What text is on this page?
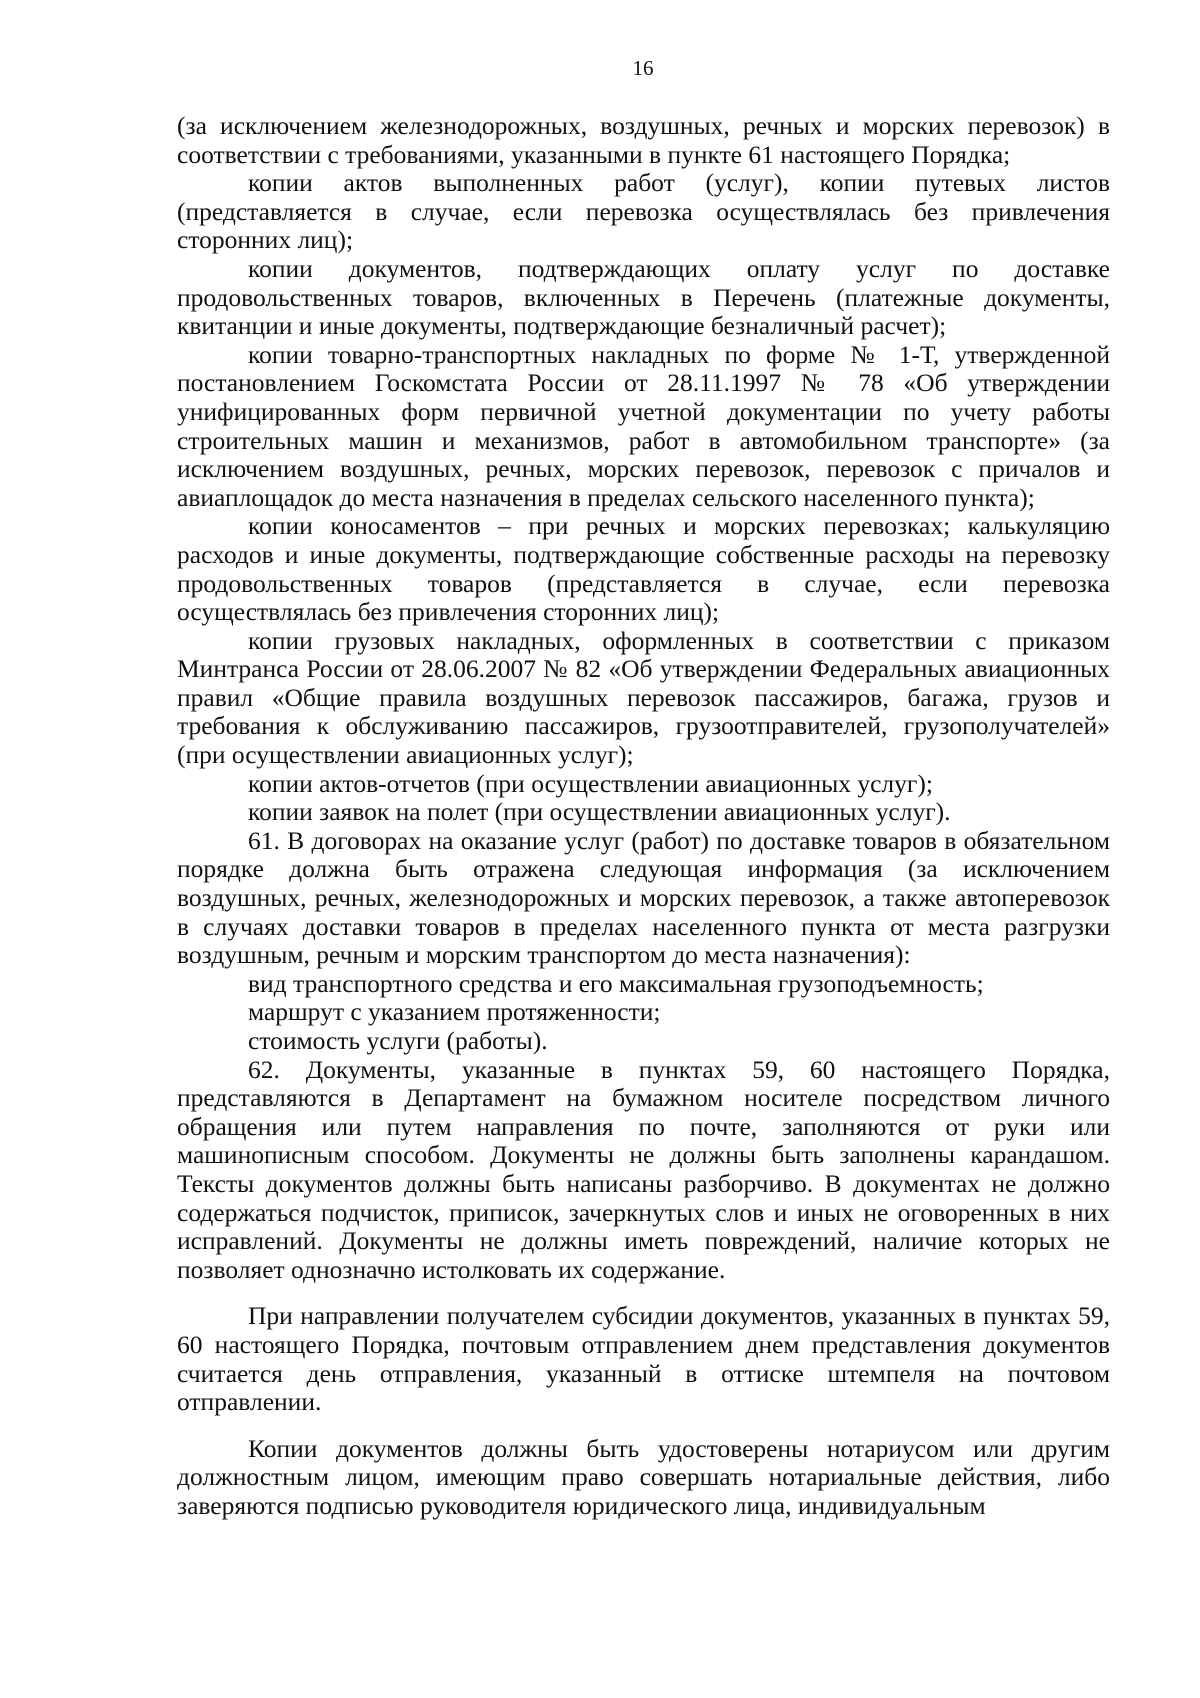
16

(за исключением железнодорожных, воздушных, речных и морских перевозок) в соответствии с требованиями, указанными в пункте 61 настоящего Порядка;

копии актов выполненных работ (услуг), копии путевых листов (представляется в случае, если перевозка осуществлялась без привлечения сторонних лиц);

копии документов, подтверждающих оплату услуг по доставке продовольственных товаров, включенных в Перечень (платежные документы, квитанции и иные документы, подтверждающие безналичный расчет);

копии товарно-транспортных накладных по форме № 1-Т, утвержденной постановлением Госкомстата России от 28.11.1997 № 78 «Об утверждении унифицированных форм первичной учетной документации по учету работы строительных машин и механизмов, работ в автомобильном транспорте» (за исключением воздушных, речных, морских перевозок, перевозок с причалов и авиаплощадок до места назначения в пределах сельского населенного пункта);

копии коносаментов – при речных и морских перевозках; калькуляцию расходов и иные документы, подтверждающие собственные расходы на перевозку продовольственных товаров (представляется в случае, если перевозка осуществлялась без привлечения сторонних лиц);

копии грузовых накладных, оформленных в соответствии с приказом Минтранса России от 28.06.2007 № 82 «Об утверждении Федеральных авиационных правил «Общие правила воздушных перевозок пассажиров, багажа, грузов и требования к обслуживанию пассажиров, грузоотправителей, грузополучателей» (при осуществлении авиационных услуг);

копии актов-отчетов (при осуществлении авиационных услуг);

копии заявок на полет (при осуществлении авиационных услуг).

61. В договорах на оказание услуг (работ) по доставке товаров в обязательном порядке должна быть отражена следующая информация (за исключением воздушных, речных, железнодорожных и морских перевозок, а также автоперевозок в случаях доставки товаров в пределах населенного пункта от места разгрузки воздушным, речным и морским транспортом до места назначения):

вид транспортного средства и его максимальная грузоподъемность;

маршрут с указанием протяженности;

стоимость услуги (работы).

62. Документы, указанные в пунктах 59, 60 настоящего Порядка, представляются в Департамент на бумажном носителе посредством личного обращения или путем направления по почте, заполняются от руки или машинописным способом. Документы не должны быть заполнены карандашом. Тексты документов должны быть написаны разборчиво. В документах не должно содержаться подчисток, приписок, зачеркнутых слов и иных не оговоренных в них исправлений. Документы не должны иметь повреждений, наличие которых не позволяет однозначно истолковать их содержание.

При направлении получателем субсидии документов, указанных в пунктах 59, 60 настоящего Порядка, почтовым отправлением днем представления документов считается день отправления, указанный в оттиске штемпеля на почтовом отправлении.

Копии документов должны быть удостоверены нотариусом или другим должностным лицом, имеющим право совершать нотариальные действия, либо заверяются подписью руководителя юридического лица, индивидуальным
